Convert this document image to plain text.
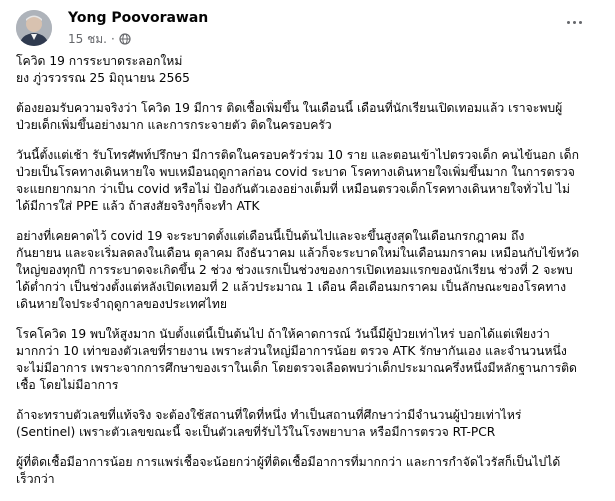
Yong Poovorawan
15 ชม. ·

โควิด 19 การระบาดระลอกใหม่
ยง ภู่วรวรรณ 25 มิถุนายน 2565

ต้องยอมรับความจริงว่า โควิด 19 มีการ ติดเชื้อเพิ่มขึ้น ในเดือนนี้ เดือนที่นักเรียนเปิดเทอมแล้ว เราจะพบผู้
ป่วยเด็กเพิ่มขึ้นอย่างมาก และการกระจายตัว ติดในครอบครัว

วันนี้ตั้งแต่เช้า รับโทรศัพท์ปรึกษา มีการติดในครอบครัวร่วม 10 ราย และตอนเข้าไปตรวจเด็ก คนไข้นอก เด็ก
ป่วยเป็นโรคทางเดินหายใจ พบเหมือนฤดูกาลก่อน covid ระบาด โรคทางเดินหายใจเพิ่มขึ้นมาก ในการตรวจ
จะแยกยากมาก ว่าเป็น covid หรือไม่ ป้องกันตัวเองอย่างเต็มที่ เหมือนตรวจเด็กโรคทางเดินหายใจทั่วไป ไม่
ได้มีการใส่ PPE แล้ว ถ้าสงสัยจริงๆก็จะทำ ATK

อย่างที่เคยคาดไว้ covid 19 จะระบาดตั้งแต่เดือนนี้เป็นต้นไปและจะขึ้นสูงสุดในเดือนกรกฎาคม ถึง
กันยายน และจะเริ่มลดลงในเดือน ตุลาคม ถึงธันวาคม แล้วก็จะระบาดใหม่ในเดือนมกราคม เหมือนกับไข้หวัด
ใหญ่ของทุกปี การระบาดจะเกิดขึ้น 2 ช่วง ช่วงแรกเป็นช่วงของการเปิดเทอมแรกของนักเรียน ช่วงที่ 2 จะพบ
ได้ต่ำกว่า เป็นช่วงตั้งแต่หลังเปิดเทอมที่ 2 แล้วประมาณ 1 เดือน คือเดือนมกราคม เป็นลักษณะของโรคทาง
เดินหายใจประจำฤดูกาลของประเทศไทย

โรคโควิด 19 พบให้สูงมาก นับตั้งแต่นี้เป็นต้นไป ถ้าให้คาดการณ์ วันนี้มีผู้ป่วยเท่าไหร่ บอกได้แต่เพียงว่า
มากกว่า 10 เท่าของตัวเลขที่รายงาน เพราะส่วนใหญ่มีอาการน้อย ตรวจ ATK รักษากันเอง และจำนวนหนึ่ง
จะไม่มีอาการ เพราะจากการศึกษาของเราในเด็ก โดยตรวจเลือดพบว่าเด็กประมาณครึ่งหนึ่งมีหลักฐานการติด
เชื้อ โดยไม่มีอาการ

ถ้าจะทราบตัวเลขที่แท้จริง จะต้องใช้สถานที่ใดที่หนึ่ง ทำเป็นสถานที่ศึกษาว่ามีจำนวนผู้ป่วยเท่าไหร่
(Sentinel) เพราะตัวเลขขณะนี้ จะเป็นตัวเลขที่รับไว้ในโรงพยาบาล หรือมีการตรวจ RT-PCR

ผู้ที่ติดเชื้อมีอาการน้อย การแพร่เชื้อจะน้อยกว่าผู้ที่ติดเชื้อมีอาการที่มากกว่า และการกำจัดไวรัสก็เป็นไปได้
เร็วกว่า
